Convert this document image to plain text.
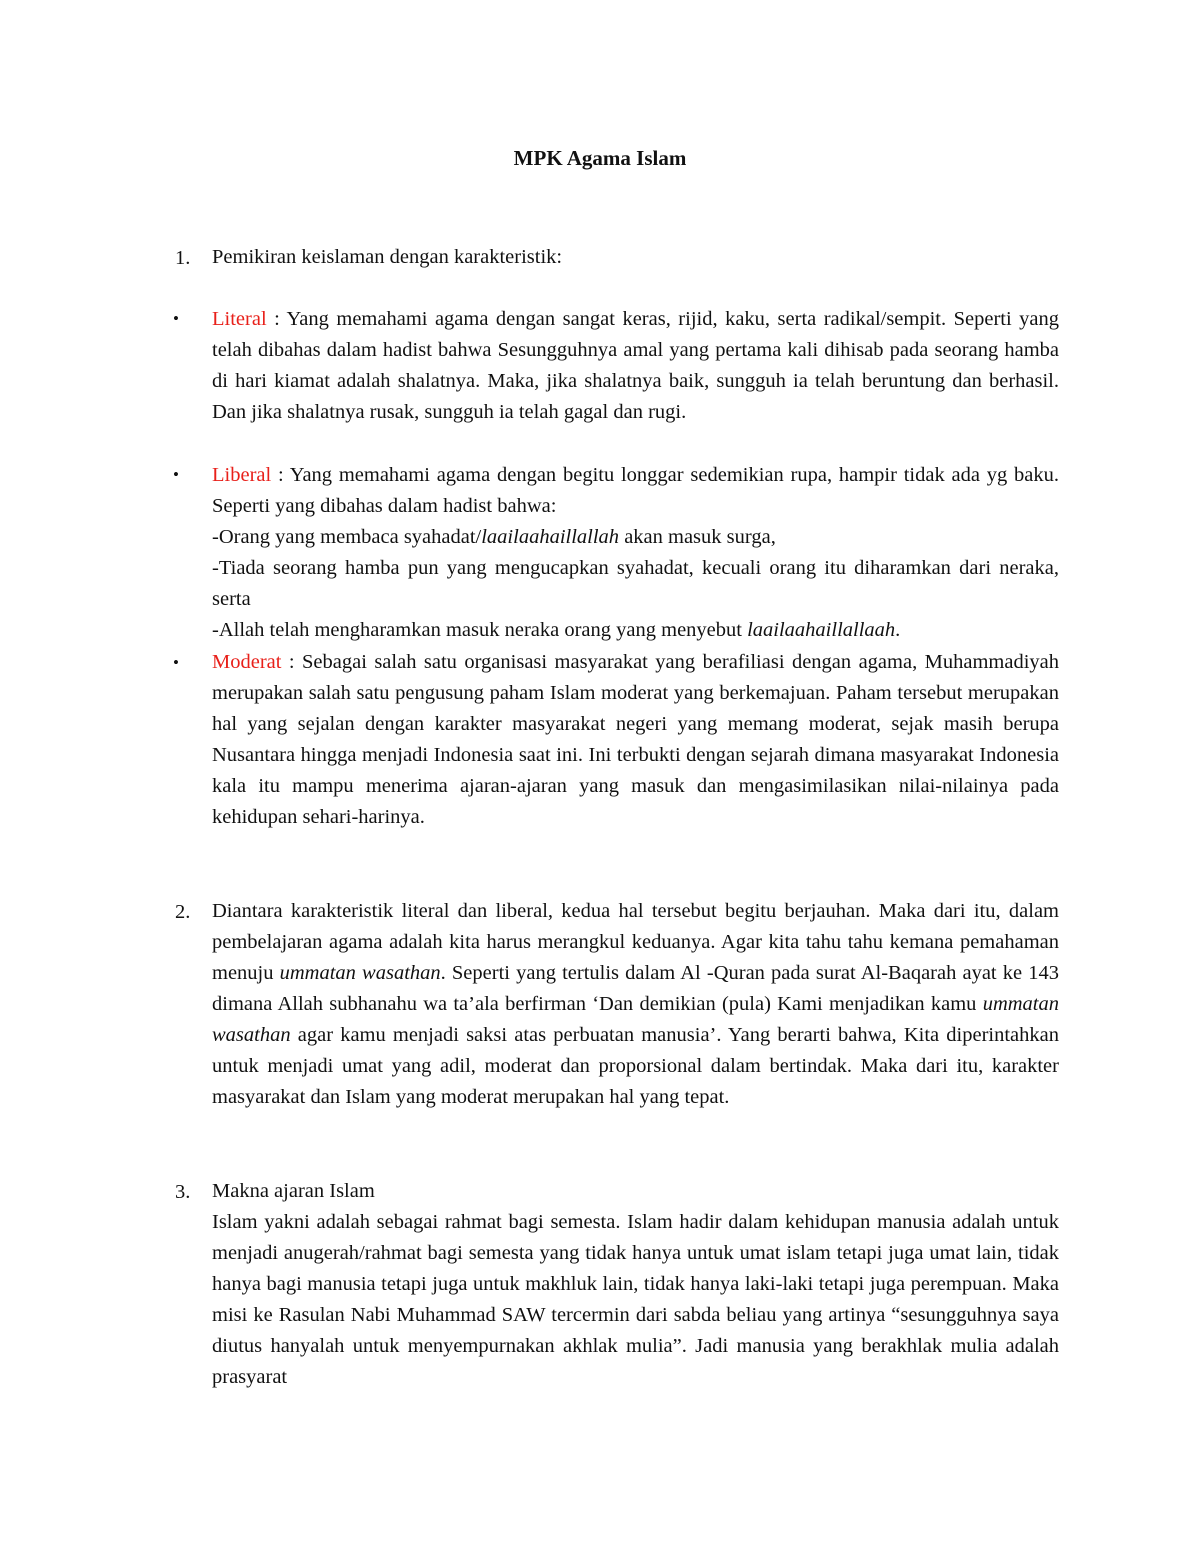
MPK Agama Islam
1. Pemikiran keislaman dengan karakteristik:

• Literal : Yang memahami agama dengan sangat keras, rijid, kaku, serta radikal/sempit. Seperti yang telah dibahas dalam hadist bahwa Sesungguhnya amal yang pertama kali dihisab pada seorang hamba di hari kiamat adalah shalatnya. Maka, jika shalatnya baik, sungguh ia telah beruntung dan berhasil. Dan jika shalatnya rusak, sungguh ia telah gagal dan rugi.

• Liberal : Yang memahami agama dengan begitu longgar sedemikian rupa, hampir tidak ada yg baku. Seperti yang dibahas dalam hadist bahwa:

-Orang yang membaca syahadat/laailaahaillallah akan masuk surga,

-Tiada seorang hamba pun yang mengucapkan syahadat, kecuali orang itu diharamkan dari neraka, serta

-Allah telah mengharamkan masuk neraka orang yang menyebut laailaahaillallaah.

• Moderat : Sebagai salah satu organisasi masyarakat yang berafiliasi dengan agama, Muhammadiyah merupakan salah satu pengusung paham Islam moderat yang berkemajuan. Paham tersebut merupakan hal yang sejalan dengan karakter masyarakat negeri yang memang moderat, sejak masih berupa Nusantara hingga menjadi Indonesia saat ini. Ini terbukti dengan sejarah dimana masyarakat Indonesia kala itu mampu menerima ajaran-ajaran yang masuk dan mengasimilasikan nilai-nilainya pada kehidupan sehari-harinya.

2. Diantara karakteristik literal dan liberal, kedua hal tersebut begitu berjauhan. Maka dari itu, dalam pembelajaran agama adalah kita harus merangkul keduanya. Agar kita tahu tahu kemana pemahaman menuju ummatan wasathan. Seperti yang tertulis dalam Al -Quran pada surat Al-Baqarah ayat ke 143 dimana Allah subhanahu wa ta’ala berfirman ‘Dan demikian (pula) Kami menjadikan kamu ummatan wasathan agar kamu menjadi saksi atas perbuatan manusia’. Yang berarti bahwa, Kita diperintahkan untuk menjadi umat yang adil, moderat dan proporsional dalam bertindak. Maka dari itu, karakter masyarakat dan Islam yang moderat merupakan hal yang tepat.

3. Makna ajaran Islam

Islam yakni adalah sebagai rahmat bagi semesta. Islam hadir dalam kehidupan manusia adalah untuk menjadi anugerah/rahmat bagi semesta yang tidak hanya untuk umat islam tetapi juga umat lain, tidak hanya bagi manusia tetapi juga untuk makhluk lain, tidak hanya laki-laki tetapi juga perempuan. Maka misi ke Rasulan Nabi Muhammad SAW tercermin dari sabda beliau yang artinya “sesungguhnya saya diutus hanyalah untuk menyempurnakan akhlak mulia”. Jadi manusia yang berakhlak mulia adalah prasyarat
